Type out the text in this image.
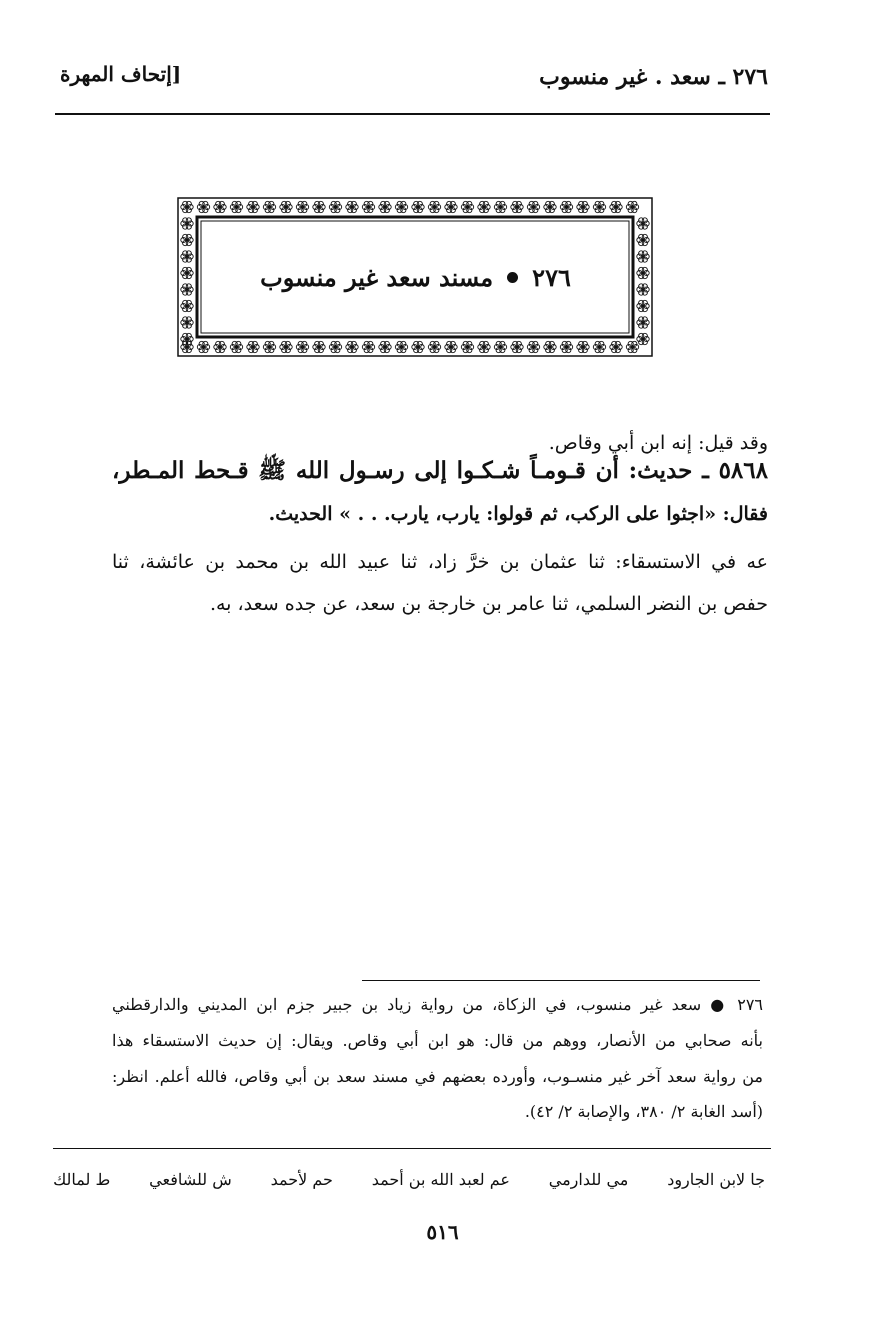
٢٧٦ ـ سعد . غير منسوب
[إتحاف المهرة
٢٧٦
مسند سعد غير منسوب
وقد قيل: إنه ابن أبي وقاص.
٥٨٦٨ ـ حديث: أن قـومـاً شـكـوا إلى رسـول الله ﷺ قـحط المـطر،
فقال: «اجثوا على الركب، ثم قولوا: يارب، يارب. . . » الحديث.
عه في الاستسقاء: ثنا عثمان بن خرَّ زاد، ثنا عبيد الله بن محمد بن عائشة، ثنا
حفص بن النضر السلمي، ثنا عامر بن خارجة بن سعد، عن جده سعد، به.
٢٧٦ ● سعد غير منسوب، في الزكاة، من رواية زياد بن جبير جزم ابن المديني والدارقطني
بأنه صحابي من الأنصار، ووهم من قال: هو ابن أبي وقاص. ويقال: إن حديث الاستسقاء هذا
من رواية سعد آخر غير منسـوب، وأورده بعضهم في مسند سعد بن أبي وقاص، فالله أعلم. انظر:
(أسد الغابة ٢/ ٣٨٠، والإصابة ٢/ ٤٢).
ط لمالك ش للشافعي حم لأحمد عم لعبد الله بن أحمد مي للدارمي جا لابن الجارود
٥١٦
